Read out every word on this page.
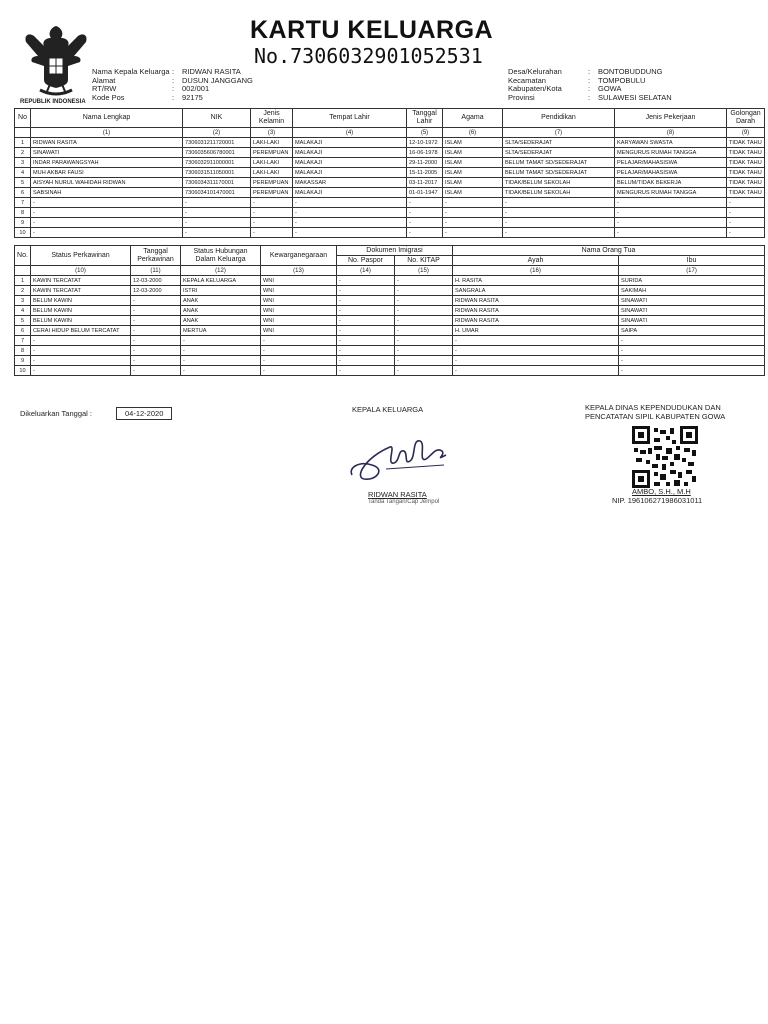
REPUBLIK INDONESIA
KARTU KELUARGA
No.7306032901052531
Nama Kepala Keluarga :	RIDWAN RASITA
Alamat	:	DUSUN JANGGANG
RT/RW	:	002/001
Kode Pos	:	92175
Desa/Kelurahan	:	BONTOBUDDUNG
Kecamatan	:	TOMPOBULU
Kabupaten/Kota	:	GOWA
Provinsi	:	SULAWESI SELATAN
No	Nama Lengkap	NIK	Jenis Kelamin	Tempat Lahir	Tanggal Lahir	Agama	Pendidikan	Jenis Pekerjaan	Golongan Darah
	(1)	(2)	(3)	(4)	(5)	(6)	(7)	(8)	(9)
1	RIDWAN RASITA	7306031211720001	LAKI-LAKI	MALAKAJI	12-10-1972	ISLAM	SLTA/SEDERAJAT	KARYAWAN SWASTA	TIDAK TAHU
2	SINAWATI	7306035606780001	PEREMPUAN	MALAKAJI	16-06-1978	ISLAM	SLTA/SEDERAJAT	MENGURUS RUMAH TANGGA	TIDAK TAHU
3	INDAR PARAWANGSYAH	7306032911000001	LAKI-LAKI	MALAKAJI	29-11-2000	ISLAM	BELUM TAMAT SD/SEDERAJAT	PELAJAR/MAHASISWA	TIDAK TAHU
4	MUH AKBAR FAUSI	7306031511050001	LAKI-LAKI	MALAKAJI	15-11-2005	ISLAM	BELUM TAMAT SD/SEDERAJAT	PELAJAR/MAHASISWA	TIDAK TAHU
5	AISYAH NURUL WAHIDAH RIDWAN	7306034311170001	PEREMPUAN	MAKASSAR	03-11-2017	ISLAM	TIDAK/BELUM SEKOLAH	BELUM/TIDAK BEKERJA	TIDAK TAHU
6	SABSINAH	7306034101470001	PEREMPUAN	MALAKAJI	01-01-1947	ISLAM	TIDAK/BELUM SEKOLAH	MENGURUS RUMAH TANGGA	TIDAK TAHU
7	-	-	-	-	-	-	-	-	-
8	-	-	-	-	-	-	-	-	-
9	-	-	-	-	-	-	-	-	-
10	-	-	-	-	-	-	-	-	-
No.	Status Perkawinan	Tanggal Perkawinan	Status Hubungan Dalam Keluarga	Kewarganegaraan	Dokumen Imigrasi		Nama Orang Tua	
					No. Paspor	No. KITAP	Ayah	Ibu
	(10)	(11)	(12)	(13)	(14)	(15)	(16)	(17)
1	KAWIN TERCATAT	12-03-2000	KEPALA KELUARGA	WNI	-	-	H. RASITA	SURIDA
2	KAWIN TERCATAT	12-03-2000	ISTRI	WNI	-	-	SANGRALA	SAKIMAH
3	BELUM KAWIN	-	ANAK	WNI	-	-	RIDWAN RASITA	SINAWATI
4	BELUM KAWIN	-	ANAK	WNI	-	-	RIDWAN RASITA	SINAWATI
5	BELUM KAWIN	-	ANAK	WNI	-	-	RIDWAN RASITA	SINAWATI
6	CERAI HIDUP BELUM TERCATAT	-	MERTUA	WNI	-	-	H. UMAR	SAIPA
7	-	-	-	-	-	-	-	-
8	-	-	-	-	-	-	-	-
9	-	-	-	-	-	-	-	-
10	-	-	-	-	-	-	-	-
Dikeluarkan Tanggal :	04-12-2020	KEPALA KELUARGA
RIDWAN RASITA
Tanda Tangan/Cap Jempol
KEPALA DINAS KEPENDUDUKAN DAN
PENCATATAN SIPIL KABUPATEN GOWA
AMBO, S.H., M.H
NIP. 196106271986031011
